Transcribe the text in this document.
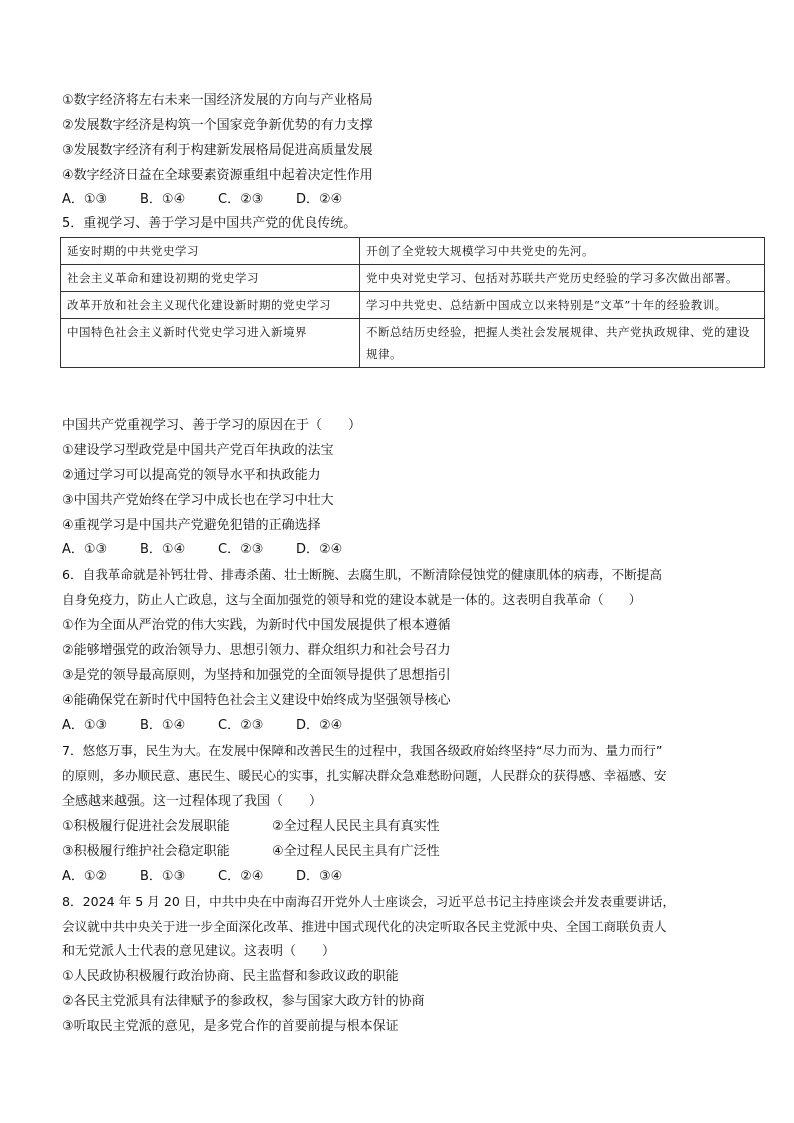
①数字经济将左右未来一国经济发展的方向与产业格局
②发展数字经济是构筑一个国家竞争新优势的有力支撑
③发展数字经济有利于构建新发展格局促进高质量发展
④数字经济日益在全球要素资源重组中起着决定性作用
A．①③	B．①④	C．②③	D．②④
5．重视学习、善于学习是中国共产党的优良传统。
延安时期的中共党史学习	开创了全党较大规模学习中共党史的先河。
社会主义革命和建设初期的党史学习	党中央对党史学习、包括对苏联共产党历史经验的学习多次做出部署。
改革开放和社会主义现代化建设新时期的党史学习	学习中共党史、总结新中国成立以来特别是“文革”十年的经验教训。
中国特色社会主义新时代党史学习进入新境界	不断总结历史经验，把握人类社会发展规律、共产党执政规律、党的建设规律。
中国共产党重视学习、善于学习的原因在于（　　）
①建设学习型政党是中国共产党百年执政的法宝
②通过学习可以提高党的领导水平和执政能力
③中国共产党始终在学习中成长也在学习中壮大
④重视学习是中国共产党避免犯错的正确选择
A．①③	B．①④	C．②③	D．②④
6．自我革命就是补钙壮骨、排毒杀菌、壮士断腕、去腐生肌，不断清除侵蚀党的健康肌体的病毒，不断提高
自身免疫力，防止人亡政息，这与全面加强党的领导和党的建设本就是一体的。这表明自我革命（　　）
①作为全面从严治党的伟大实践，为新时代中国发展提供了根本遵循
②能够增强党的政治领导力、思想引领力、群众组织力和社会号召力
③是党的领导最高原则，为坚持和加强党的全面领导提供了思想指引
④能确保党在新时代中国特色社会主义建设中始终成为坚强领导核心
A．①③	B．①④	C．②③	D．②④
7．悠悠万事，民生为大。在发展中保障和改善民生的过程中，我国各级政府始终坚持“尽力而为、量力而行”
的原则，多办顺民意、惠民生、暖民心的实事，扎实解决群众急难愁盼问题，人民群众的获得感、幸福感、安
全感越来越强。这一过程体现了我国（　　）
①积极履行促进社会发展职能	②全过程人民民主具有真实性
③积极履行维护社会稳定职能	④全过程人民民主具有广泛性
A．①②	B．①③	C．②④	D．③④
8．2024 年 5 月 20 日，中共中央在中南海召开党外人士座谈会，习近平总书记主持座谈会并发表重要讲话，
会议就中共中央关于进一步全面深化改革、推进中国式现代化的决定听取各民主党派中央、全国工商联负责人
和无党派人士代表的意见建议。这表明（　　）
①人民政协积极履行政治协商、民主监督和参政议政的职能
②各民主党派具有法律赋予的参政权，参与国家大政方针的协商
③听取民主党派的意见，是多党合作的首要前提与根本保证
